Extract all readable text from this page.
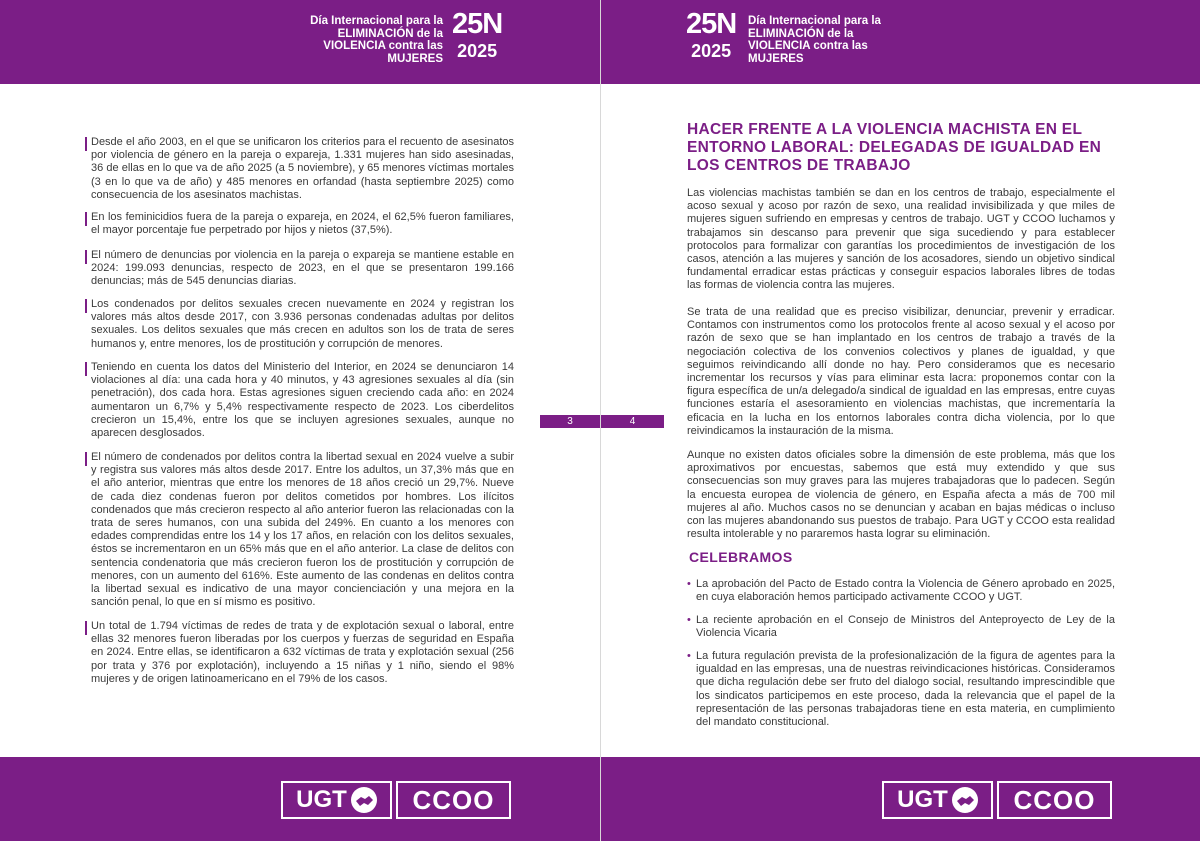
Día Internacional para la
ELIMINACIÓN de la
VIOLENCIA contra las
MUJERES
25N
2025
Desde el año 2003, en el que se unificaron los criterios para el recuento de asesinatos por violencia de género en la pareja o expareja, 1.331 mujeres han sido asesinadas, 36 de ellas en lo que va de año 2025 (a 5 noviembre), y 65 menores víctimas mortales (3 en lo que va de año) y 485 menores en orfandad (hasta septiembre 2025) como consecuencia de los asesinatos machistas.
En los feminicidios fuera de la pareja o expareja, en 2024, el 62,5% fueron familiares, el mayor porcentaje fue perpetrado por hijos y nietos (37,5%).
El número de denuncias por violencia en la pareja o expareja se mantiene estable en 2024: 199.093 denuncias, respecto de 2023, en el que se presentaron 199.166 denuncias; más de 545 denuncias diarias.
Los condenados por delitos sexuales crecen nuevamente en 2024 y registran los valores más altos desde 2017, con 3.936 personas condenadas adultas por delitos sexuales. Los delitos sexuales que más crecen en adultos son los de trata de seres humanos y, entre menores, los de prostitución y corrupción de menores.
Teniendo en cuenta los datos del Ministerio del Interior, en 2024 se denunciaron 14 violaciones al día: una cada hora y 40 minutos, y 43 agresiones sexuales al día (sin penetración), dos cada hora. Estas agresiones siguen creciendo cada año: en 2024 aumentaron un 6,7% y 5,4% respectivamente respecto de 2023. Los ciberdelitos crecieron un 15,4%, entre los que se incluyen agresiones sexuales, aunque no aparecen desglosados.
El número de condenados por delitos contra la libertad sexual en 2024 vuelve a subir y registra sus valores más altos desde 2017. Entre los adultos, un 37,3% más que en el año anterior, mientras que entre los menores de 18 años creció un 29,7%. Nueve de cada diez condenas fueron por delitos cometidos por hombres. Los ilícitos condenados que más crecieron respecto al año anterior fueron las relacionadas con la trata de seres humanos, con una subida del 249%. En cuanto a los menores con edades comprendidas entre los 14 y los 17 años, en relación con los delitos sexuales, éstos se incrementaron en un 65% más que en el año anterior. La clase de delitos con sentencia condenatoria que más crecieron fueron los de prostitución y corrupción de menores, con un aumento del 616%. Este aumento de las condenas en delitos contra la libertad sexual es indicativo de una mayor concienciación y una mejora en la sanción penal, lo que en sí mismo es positivo.
Un total de 1.794 víctimas de redes de trata y de explotación sexual o laboral, entre ellas 32 menores fueron liberadas por los cuerpos y fuerzas de seguridad en España en 2024. Entre ellas, se identificaron a 632 víctimas de trata y explotación sexual (256 por trata y 376 por explotación), incluyendo a 15 niñas y 1 niño, siendo el 98% mujeres y de origen latinoamericano en el 79% de los casos.
3
UGT	CCOO
25N
2025
Día Internacional para la
ELIMINACIÓN de la
VIOLENCIA contra las
MUJERES
HACER FRENTE A LA VIOLENCIA MACHISTA EN EL ENTORNO LABORAL: DELEGADAS DE IGUALDAD EN LOS CENTROS DE TRABAJO
Las violencias machistas también se dan en los centros de trabajo, especialmente el acoso sexual y acoso por razón de sexo, una realidad invisibilizada y que miles de mujeres siguen sufriendo en empresas y centros de trabajo. UGT y CCOO luchamos y trabajamos sin descanso para prevenir que siga sucediendo y para establecer protocolos para formalizar con garantías los procedimientos de investigación de los casos, atención a las mujeres y sanción de los acosadores, siendo un objetivo sindical fundamental erradicar estas prácticas y conseguir espacios laborales libres de todas las formas de violencia contra las mujeres.
Se trata de una realidad que es preciso visibilizar, denunciar, prevenir y erradicar. Contamos con instrumentos como los protocolos frente al acoso sexual y el acoso por razón de sexo que se han implantado en los centros de trabajo a través de la negociación colectiva de los convenios colectivos y planes de igualdad, y que seguimos reivindicando allí donde no hay. Pero consideramos que es necesario incrementar los recursos y vías para eliminar esta lacra: proponemos contar con la figura específica de un/a delegado/a sindical de igualdad en las empresas, entre cuyas funciones estaría el asesoramiento en violencias machistas, que incrementaría la eficacia en la lucha en los entornos laborales contra dicha violencia, por lo que reivindicamos la instauración de la misma.
Aunque no existen datos oficiales sobre la dimensión de este problema, más que los aproximativos por encuestas, sabemos que está muy extendido y que sus consecuencias son muy graves para las mujeres trabajadoras que lo padecen. Según la encuesta europea de violencia de género, en España afecta a más de 700 mil mujeres al año. Muchos casos no se denuncian y acaban en bajas médicas o incluso con las mujeres abandonando sus puestos de trabajo. Para UGT y CCOO esta realidad resulta intolerable y no pararemos hasta lograr su eliminación.
CELEBRAMOS
• La aprobación del Pacto de Estado contra la Violencia de Género aprobado en 2025, en cuya elaboración hemos participado activamente CCOO y UGT.
• La reciente aprobación en el Consejo de Ministros del Anteproyecto de Ley de la Violencia Vicaria
• La futura regulación prevista de la profesionalización de la figura de agentes para la igualdad en las empresas, una de nuestras reivindicaciones históricas. Consideramos que dicha regulación debe ser fruto del dialogo social, resultando imprescindible que los sindicatos participemos en este proceso, dada la relevancia que el papel de la representación de las personas trabajadoras tiene en esta materia, en cumplimiento del mandato constitucional.
4
UGT	CCOO
